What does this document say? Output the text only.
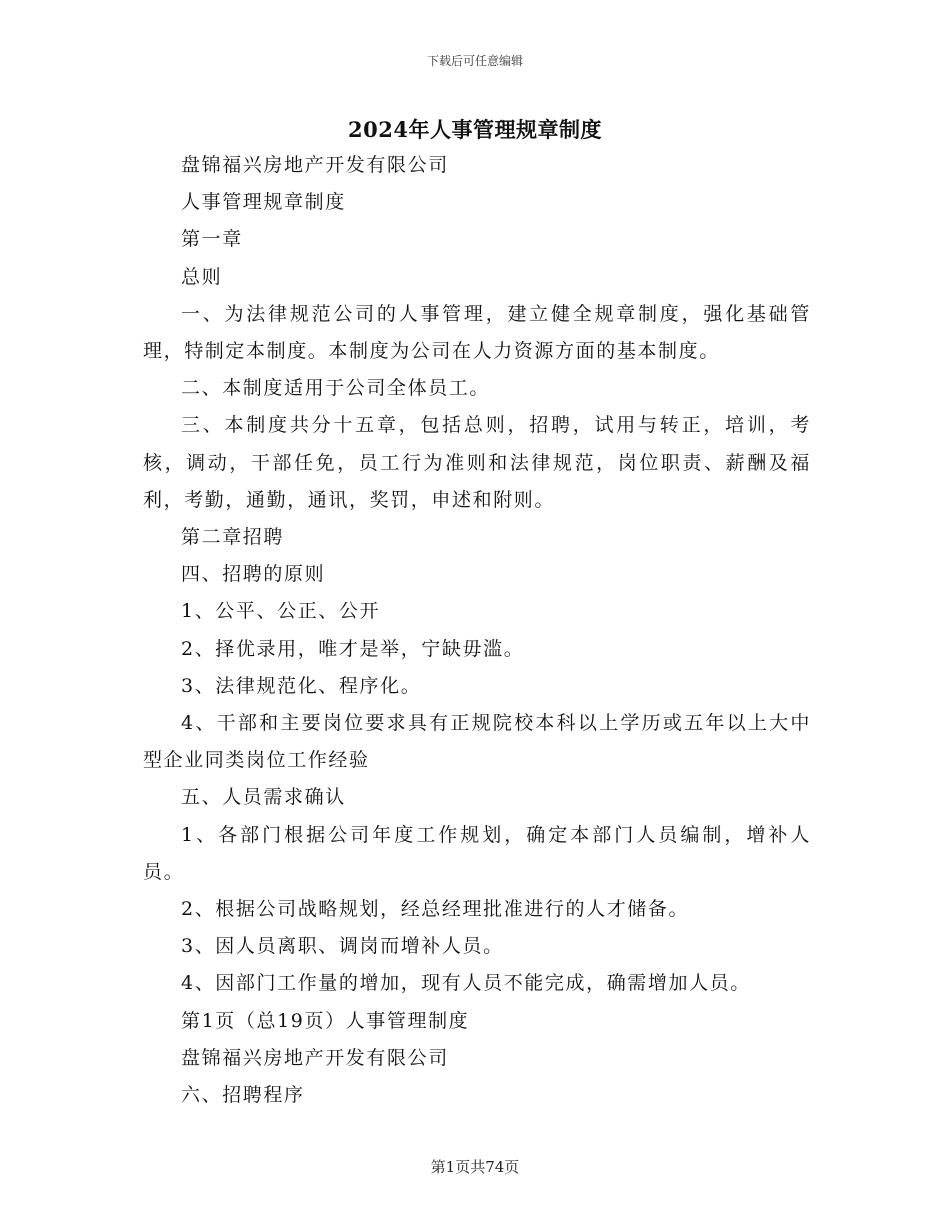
下载后可任意编辑
2024年人事管理规章制度

盘锦福兴房地产开发有限公司

人事管理规章制度

第一章

总则

一、为法律规范公司的人事管理，建立健全规章制度，强化基础管理，特制定本制度。本制度为公司在人力资源方面的基本制度。

二、本制度适用于公司全体员工。

三、本制度共分十五章，包括总则，招聘，试用与转正，培训，考核，调动，干部任免，员工行为准则和法律规范，岗位职责、薪酬及福利，考勤，通勤，通讯，奖罚，申述和附则。

第二章招聘

四、招聘的原则

1、公平、公正、公开

2、择优录用，唯才是举，宁缺毋滥。

3、法律规范化、程序化。

4、干部和主要岗位要求具有正规院校本科以上学历或五年以上大中型企业同类岗位工作经验

五、人员需求确认

1、各部门根据公司年度工作规划，确定本部门人员编制，增补人员。

2、根据公司战略规划，经总经理批准进行的人才储备。

3、因人员离职、调岗而增补人员。

4、因部门工作量的增加，现有人员不能完成，确需增加人员。

第1页（总19页）人事管理制度

盘锦福兴房地产开发有限公司

六、招聘程序

第1页共74页
